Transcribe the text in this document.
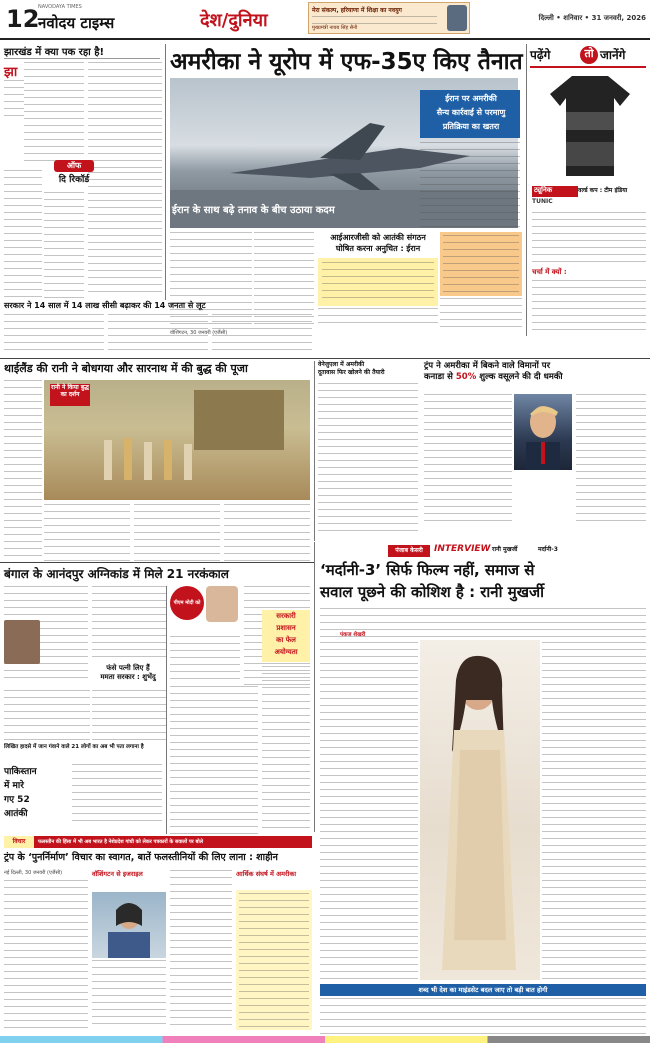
12
NAVODAYA TIMES
नवोदय टाइम्स	देश/दुनिया	मेरा संकल्प, हरियाणा में शिक्षा का नवयुग
मुख्यमंत्री नायब सिंह सैनी
दिल्ली • शनिवार • 31 जनवरी, 2026
झारखंड में क्या पक रहा है!
झा
ऑफ
दि रिकॉर्ड
सरकार ने 14 साल में 14 लाख सीसी बढ़ाकर की 14 जनता से लूट
अमरीका ने यूरोप में एफ-35ए किए तैनात
ईरान के साथ बढ़े तनाव के बीच उठाया कदम
ईरान पर अमरीकी
सैन्य कार्रवाई से परमाणु
प्रतिक्रिया का खतरा
आईआरजीसी को आतंकी संगठन
घोषित करना अनुचित : ईरान
वॉशिंगटन, 30 जनवरी (एजैंसी)
पढ़ेंगे	तो जानेंगे
TUNIC
ट्यूनिक	वर्ल्ड कप : टीम इंडिया
चर्चा में क्यों :
थाईलैंड की रानी ने बोधगया और सारनाथ में की बुद्ध की पूजा
रानी ने किया बुद्ध का दर्शन
वेनेजुएला में अमरीकी
दूतावास फिर खोलने की तैयारी
ट्रंप ने अमरीका में बिकने वाले विमानों पर
कनाडा से 50% शुल्क वसूलने की दी धमकी
बंगाल के आनंदपुर अग्निकांड में मिले 21 नरकंकाल
पीएम मोदी को
फंसे पत्नी लिए हैं
ममता सरकार : शुभेंदु
लिखित हादसे में जान गंवाने वाले 21 लोगों का अब भी पता लगाना है
पाकिस्तान
में मारे
गए 52
आतंकी
सरकारी
प्रशासन
का फेल
अयोग्यता
पंजाब केसरी	INTERVIEW रानी मुखर्जी	मर्दानी-3
‘मर्दानी-3’ सिर्फ फिल्म नहीं, समाज से
सवाल पूछने की कोशिश है : रानी मुखर्जी
पंकज शेखरी
शब्द भी देश का माइंडसेट बदल जाए तो बड़ी बात होगी
विचार	फलस्तीन की हिंसा में भी अब भारत है नेशेप्रदेश गांधी को लेकर पत्रकारों के सवालों पर बोले
ट्रंप के ‘पुनर्निर्माण’ विचार का स्वागत, बातें फलस्तीनियों की लिए लाना : शाहीन
नई दिल्ली, 30 जनवरी (एजैंसी)	वॉशिंगटन से इजराइल	आर्थिक संघर्ष में अमरीका
